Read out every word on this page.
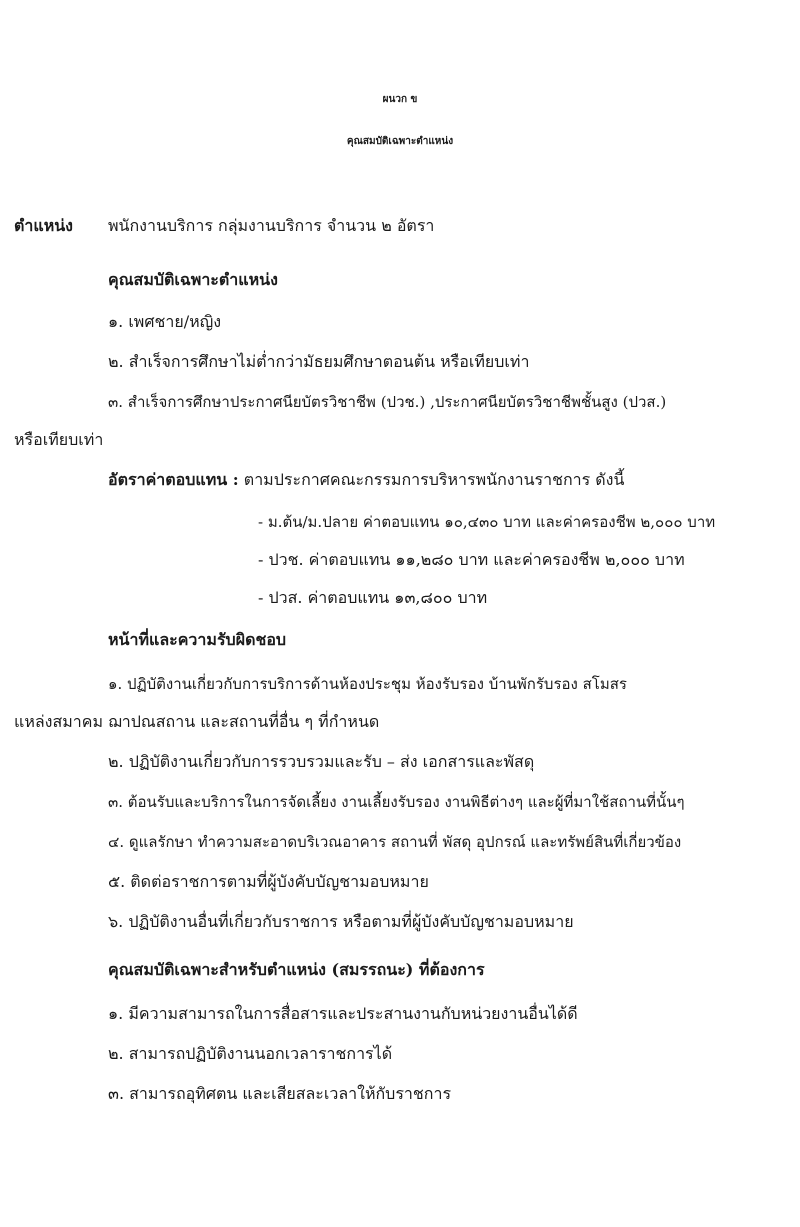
ผนวก ข
คุณสมบัติเฉพาะตำแหน่ง
ตำแหน่ง พนักงานบริการ กลุ่มงานบริการ จำนวน ๒ อัตรา
คุณสมบัติเฉพาะตำแหน่ง
๑. เพศชาย/หญิง
๒. สำเร็จการศึกษาไม่ต่ำกว่ามัธยมศึกษาตอนต้น หรือเทียบเท่า
๓. สำเร็จการศึกษาประกาศนียบัตรวิชาชีพ (ปวช.) ,ประกาศนียบัตรวิชาชีพชั้นสูง (ปวส.)
หรือเทียบเท่า
อัตราค่าตอบแทน : ตามประกาศคณะกรรมการบริหารพนักงานราชการ ดังนี้
- ม.ต้น/ม.ปลาย ค่าตอบแทน ๑๐,๔๓๐ บาท และค่าครองชีพ ๒,๐๐๐ บาท
- ปวช. ค่าตอบแทน ๑๑,๒๘๐ บาท และค่าครองชีพ ๒,๐๐๐ บาท
- ปวส. ค่าตอบแทน ๑๓,๘๐๐ บาท
หน้าที่และความรับผิดชอบ
๑. ปฏิบัติงานเกี่ยวกับการบริการด้านห้องประชุม ห้องรับรอง บ้านพักรับรอง สโมสร
แหล่งสมาคม ฌาปณสถาน และสถานที่อื่น ๆ ที่กำหนด
๒. ปฏิบัติงานเกี่ยวกับการรวบรวมและรับ – ส่ง เอกสารและพัสดุ
๓. ต้อนรับและบริการในการจัดเลี้ยง งานเลี้ยงรับรอง งานพิธีต่างๆ และผู้ที่มาใช้สถานที่นั้นๆ
๔. ดูแลรักษา ทำความสะอาดบริเวณอาคาร สถานที่ พัสดุ อุปกรณ์ และทรัพย์สินที่เกี่ยวข้อง
๕. ติดต่อราชการตามที่ผู้บังคับบัญชามอบหมาย
๖. ปฏิบัติงานอื่นที่เกี่ยวกับราชการ หรือตามที่ผู้บังคับบัญชามอบหมาย
คุณสมบัติเฉพาะสำหรับตำแหน่ง (สมรรถนะ) ที่ต้องการ
๑. มีความสามารถในการสื่อสารและประสานงานกับหน่วยงานอื่นได้ดี
๒. สามารถปฏิบัติงานนอกเวลาราชการได้
๓. สามารถอุทิศตน และเสียสละเวลาให้กับราชการ
